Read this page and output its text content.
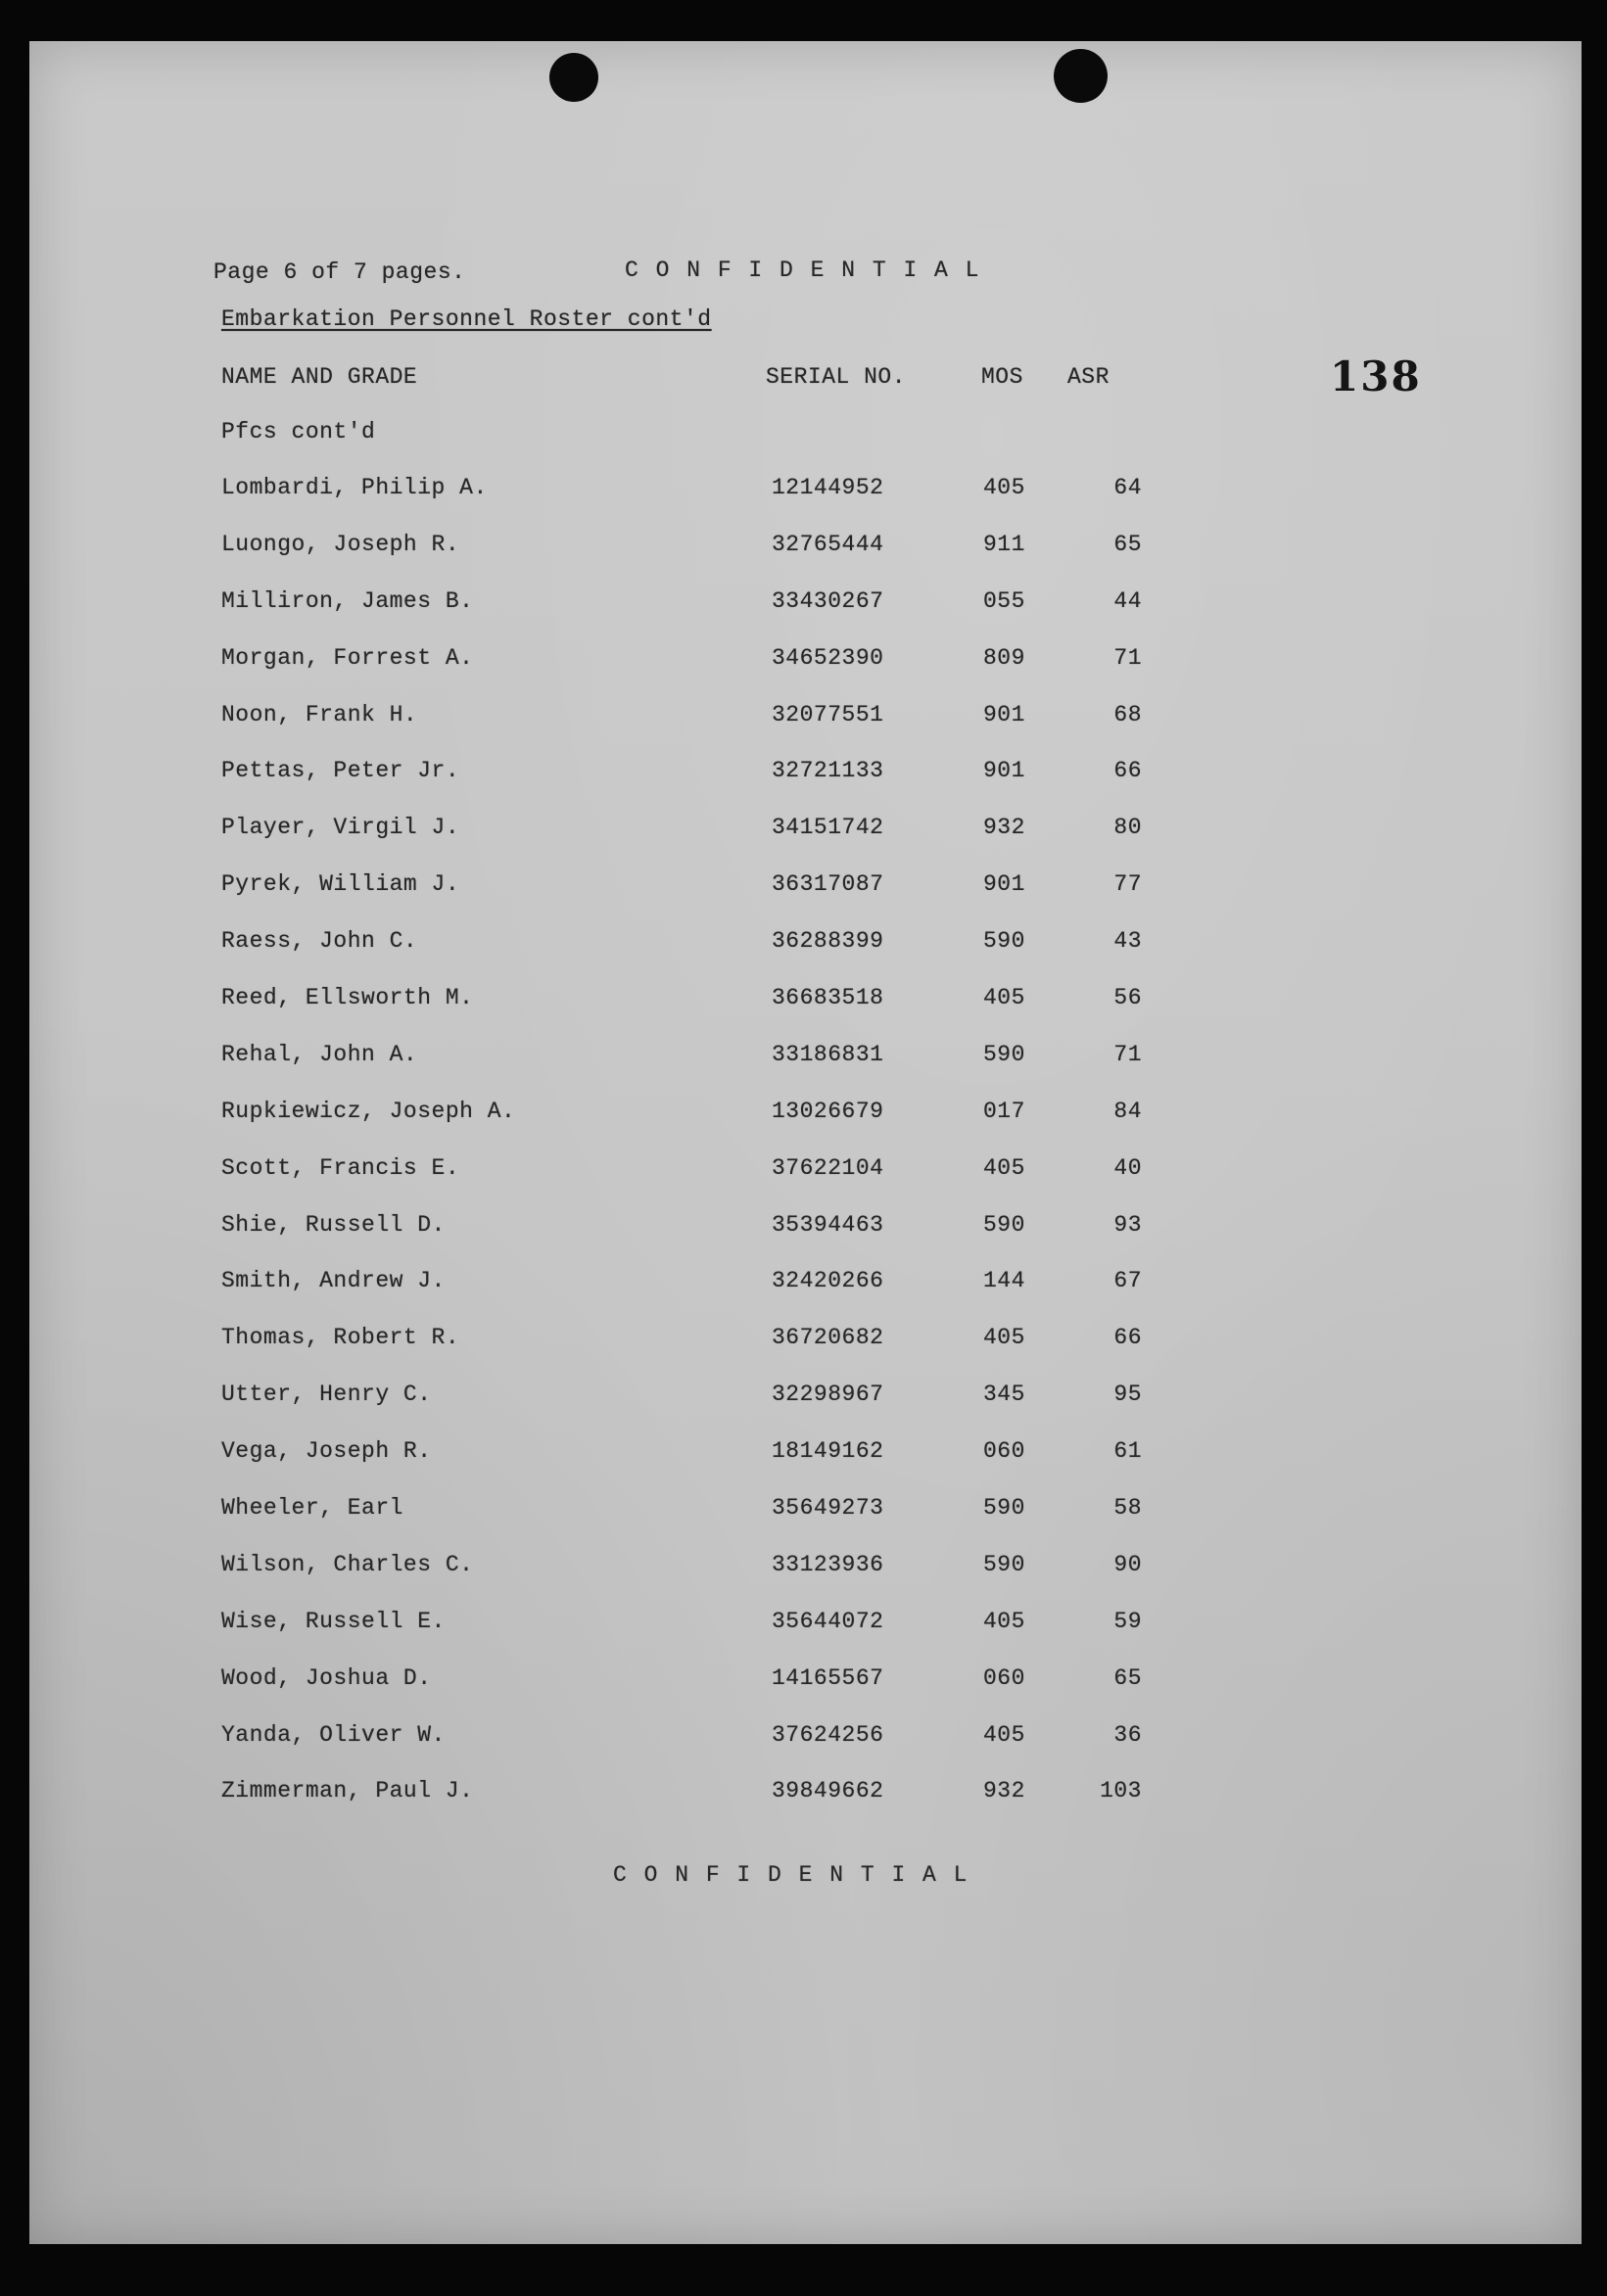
Page 6 of 7 pages.	C O N F I D E N T I A L
Embarkation Personnel Roster cont'd
NAME AND GRADE	SERIAL NO.	MOS ASR	138
Pfcs cont'd
Lombardi, Philip A.	12144952	405	64
Luongo, Joseph R.	32765444	911	65
Milliron, James B.	33430267	055	44
Morgan, Forrest A.	34652390	809	71
Noon, Frank H.	32077551	901	68
Pettas, Peter Jr.	32721133	901	66
Player, Virgil J.	34151742	932	80
Pyrek, William J.	36317087	901	77
Raess, John C.	36288399	590	43
Reed, Ellsworth M.	36683518	405	56
Rehal, John A.	33186831	590	71
Rupkiewicz, Joseph A.	13026679	017	84
Scott, Francis E.	37622104	405	40
Shie, Russell D.	35394463	590	93
Smith, Andrew J.	32420266	144	67
Thomas, Robert R.	36720682	405	66
Utter, Henry C.	32298967	345	95
Vega, Joseph R.	18149162	060	61
Wheeler, Earl	35649273	590	58
Wilson, Charles C.	33123936	590	90
Wise, Russell E.	35644072	405	59
Wood, Joshua D.	14165567	060	65
Yanda, Oliver W.	37624256	405	36
Zimmerman, Paul J.	39849662	932	103
C O N F I D E N T I A L
